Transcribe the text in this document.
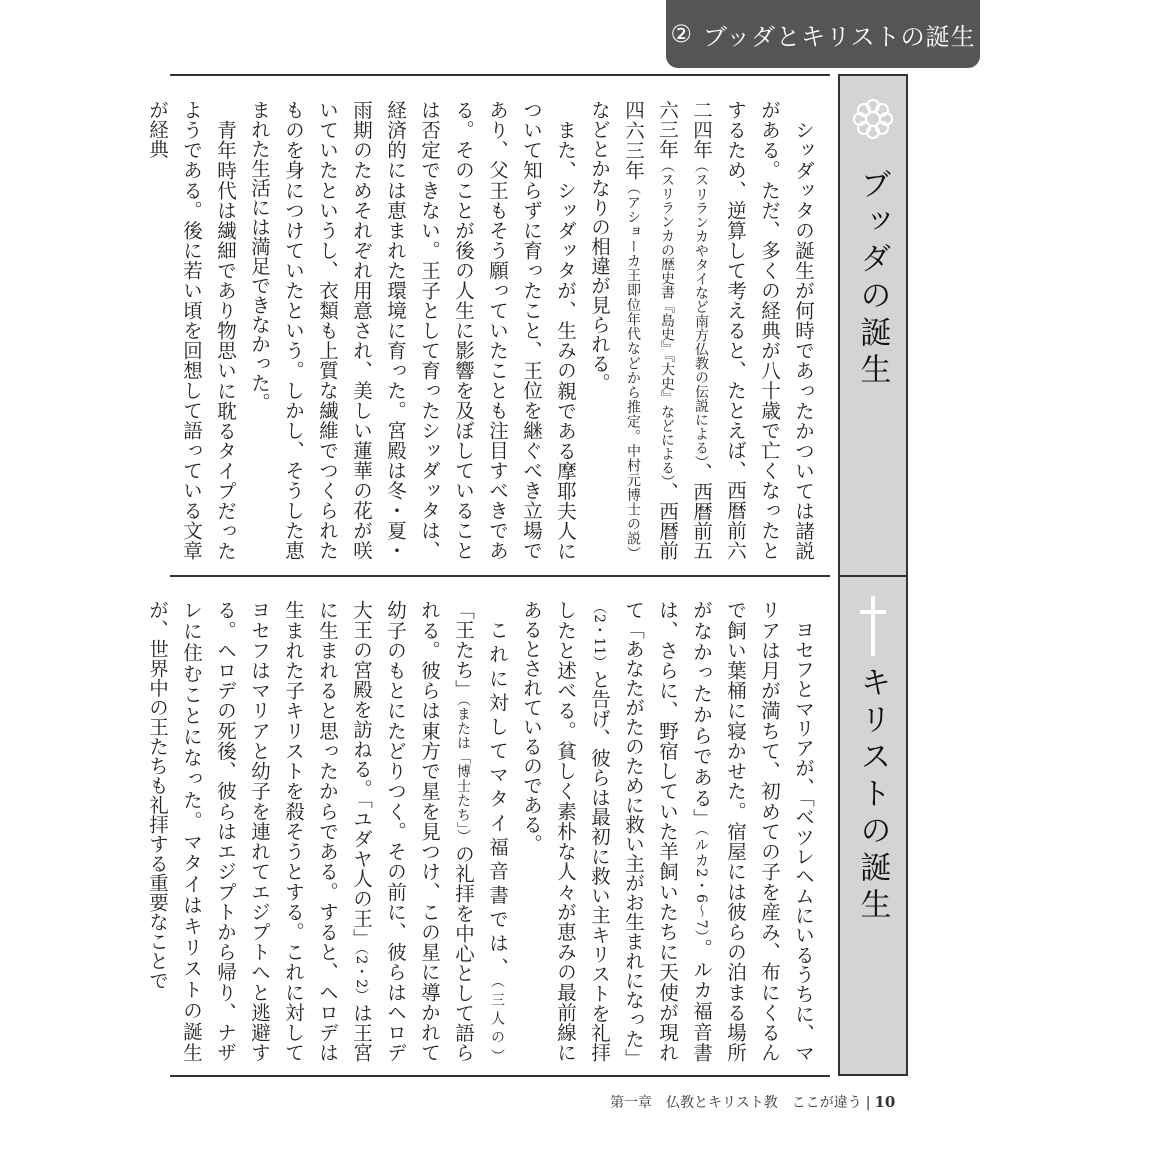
② ブッダとキリストの誕生
ブッダの誕生
キリストの誕生

シッダッタの誕生が何時であったかついては諸説がある。ただ、多くの経典が八十歳で亡くなったとするため、逆算して考えると、たとえば、西暦前六二四年（スリランカやタイなど南方仏教の伝説による）、西暦前五六三年（スリランカの歴史書『島史』『大史』などによる）、西暦前四六三年（アショーカ王即位年代などから推定。中村元博士の説）などとかなりの相違が見られる。

また、シッダッタが、生みの親である摩耶夫人について知らずに育ったこと、王位を継ぐべき立場であり、父王もそう願っていたことも注目すべきである。そのことが後の人生に影響を及ぼしていることは否定できない。王子として育ったシッダッタは、経済的には恵まれた環境に育った。宮殿は冬・夏・雨期のためそれぞれ用意され、美しい蓮華の花が咲いていたというし、衣類も上質な繊維でつくられたものを身につけていたという。しかし、そうした恵まれた生活には満足できなかった。

青年時代は繊細であり物思いに耽るタイプだったようである。後に若い頃を回想して語っている文章が経典

ヨセフとマリアが、「ベツレヘムにいるうちに、マリアは月が満ちて、初めての子を産み、布にくるんで飼い葉桶に寝かせた。宿屋には彼らの泊まる場所がなかったからである」（ルカ2・6〜7）。ルカ福音書は、さらに、野宿していた羊飼いたちに天使が現れて「あなたがたのために救い主がお生まれになった」（2・11）と告げ、彼らは最初に救い主キリストを礼拝したと述べる。貧しく素朴な人々が恵みの最前線にあるとされているのである。

これに対してマタイ福音書では、（三人の）「王たち」（または「博士たち」）の礼拝を中心として語られる。彼らは東方で星を見つけ、この星に導かれて幼子のもとにたどりつく。その前に、彼らはヘロデ大王の宮殿を訪ねる。「ユダヤ人の王」（2・2）は王宮に生まれると思ったからである。すると、ヘロデは生まれた子キリストを殺そうとする。これに対してヨセフはマリアと幼子を連れてエジプトへと逃避する。ヘロデの死後、彼らはエジプトから帰り、ナザレに住むことになった。マタイはキリストの誕生が、世界中の王たちも礼拝する重要なことで

第一章　仏教とキリスト教　ここが違う | 10
